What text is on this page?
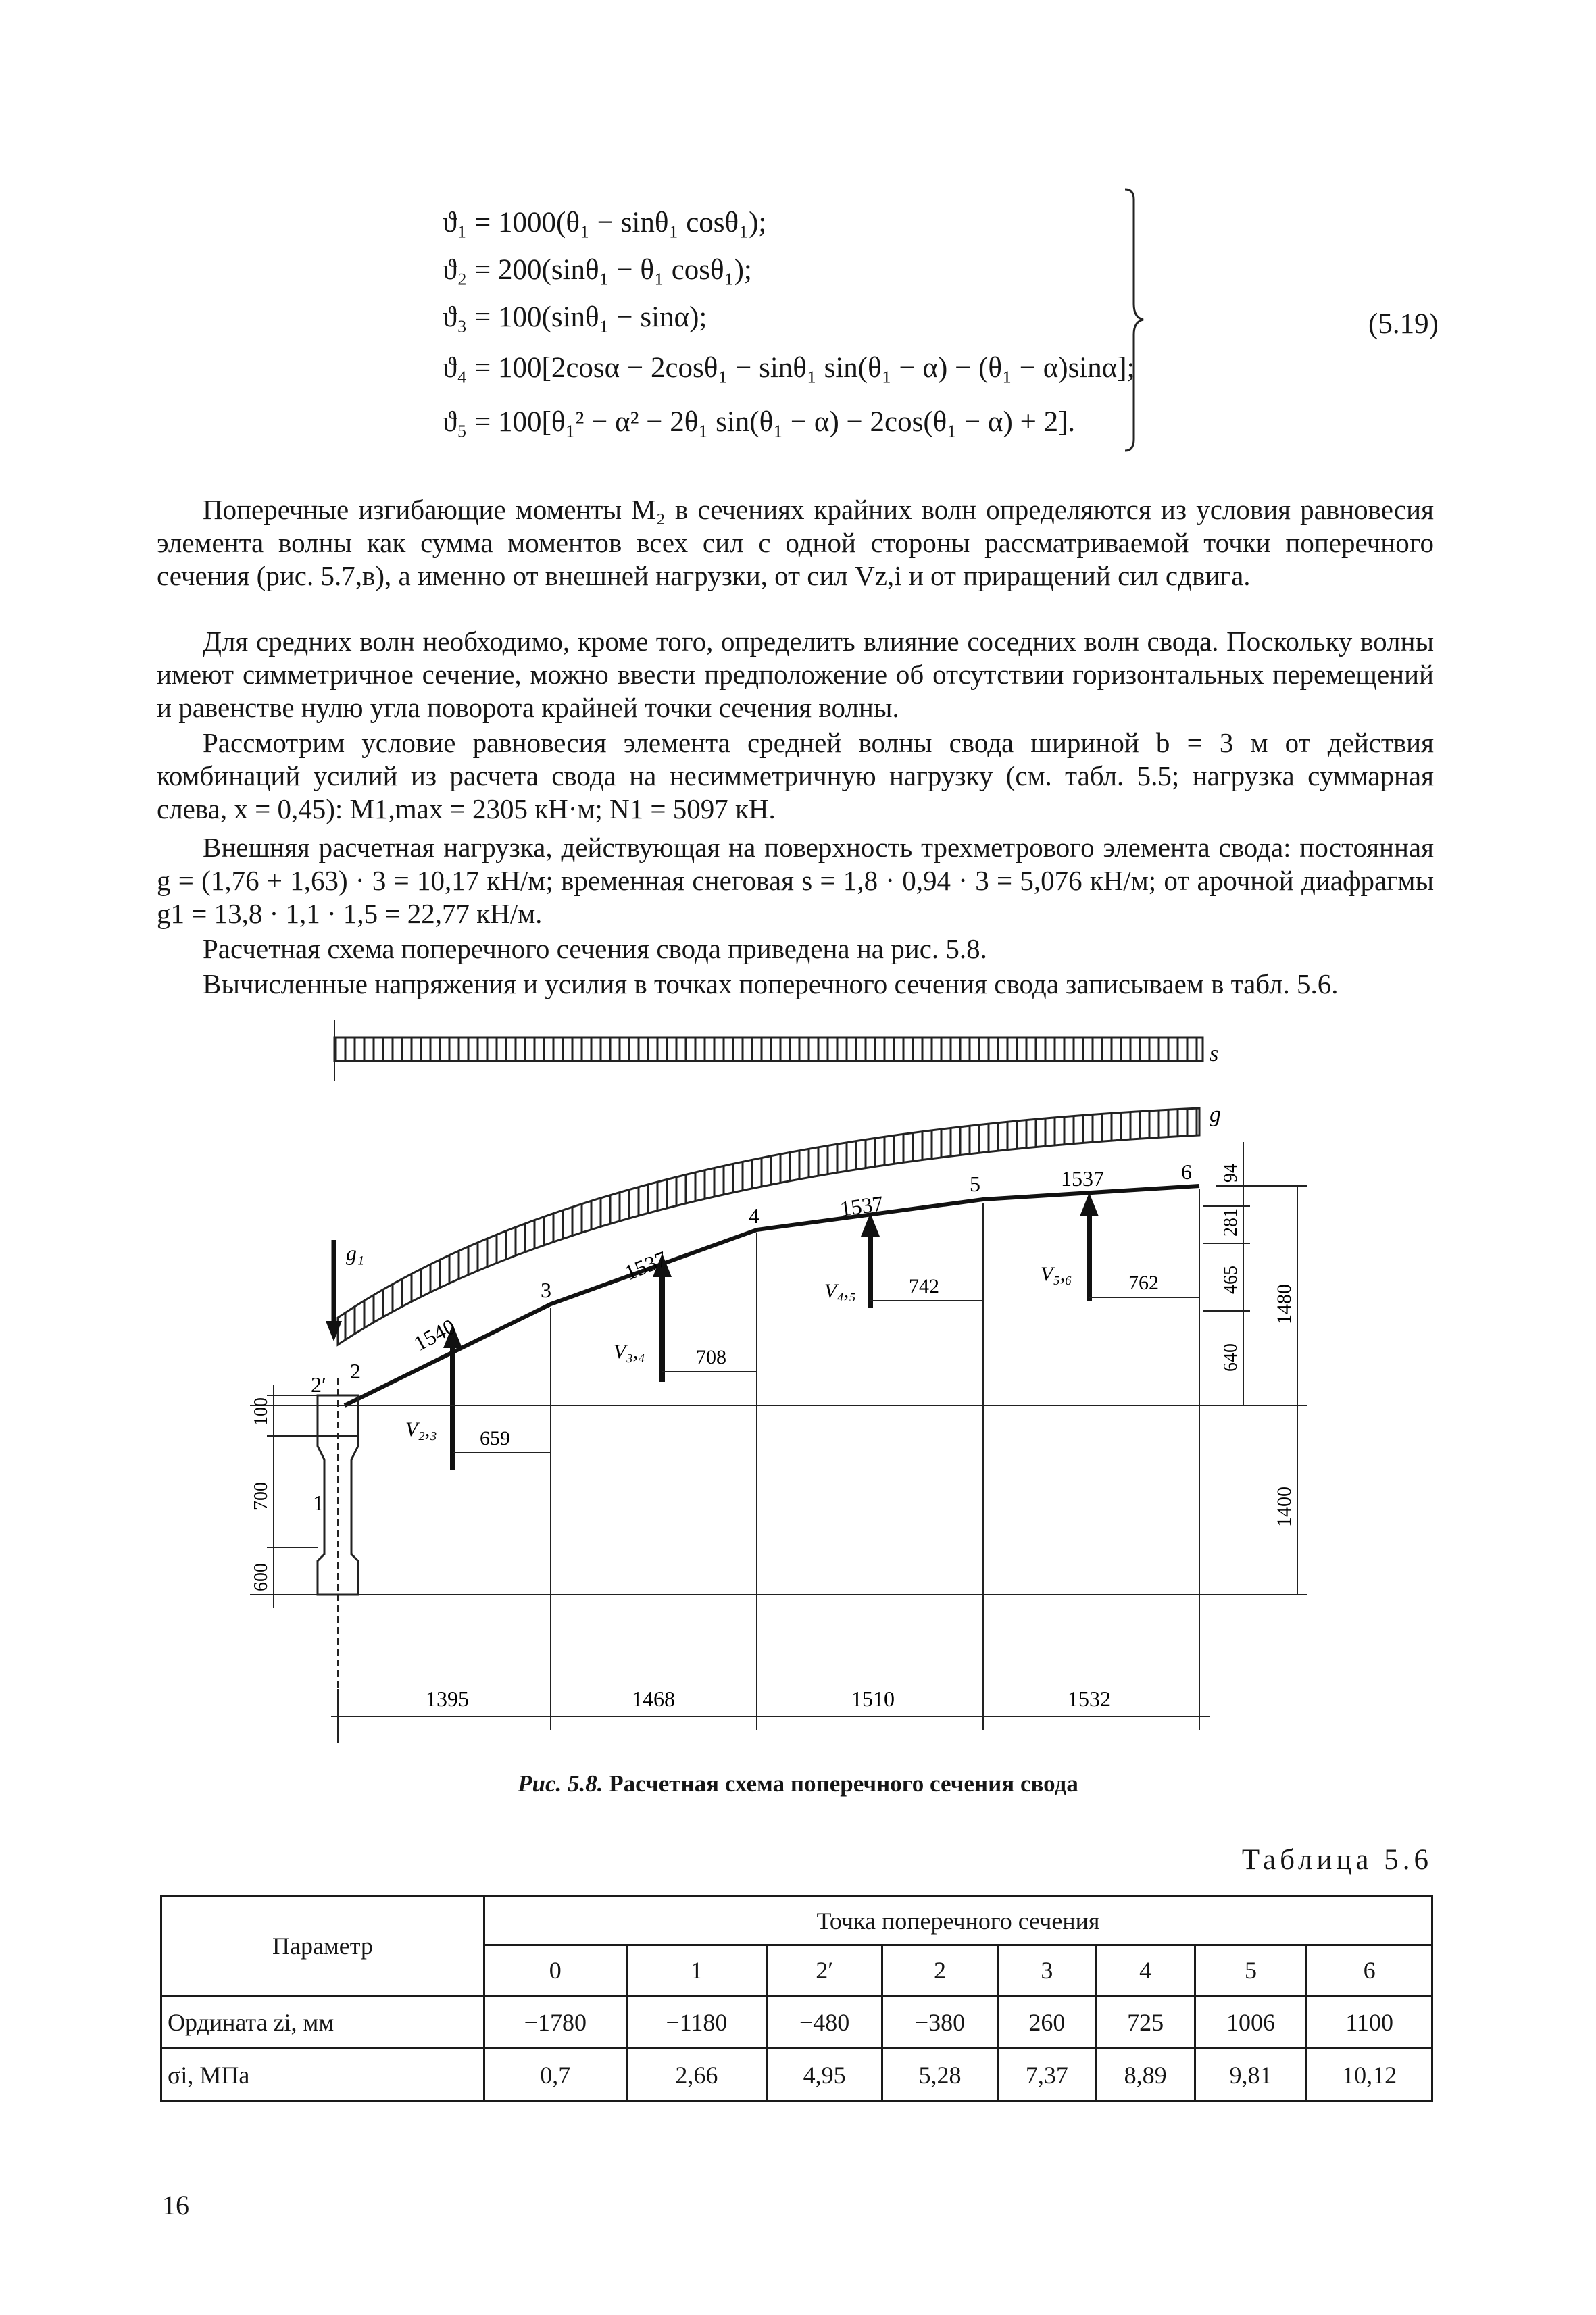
ϑ₁ = 1000(θ₁ − sinθ₁ cosθ₁);
ϑ₂ = 200(sinθ₁ − θ₁ cosθ₁);
ϑ₃ = 100(sinθ₁ − sinα);
ϑ₄ = 100[2cosα − 2cosθ₁ − sinθ₁ sin(θ₁ − α) − (θ₁ − α)sinα];
ϑ₅ = 100[θ₁² − α² − 2θ₁ sin(θ₁ − α) − 2cos(θ₁ − α) + 2].
(5.19)

Поперечные изгибающие моменты M₂ в сечениях крайних волн определяются из условия равновесия элемента волны как сумма моментов всех сил с одной стороны рассматриваемой точки поперечного сечения (рис. 5.7,в), а именно от внешней нагрузки, от сил Vz,i и от приращений сил сдвига.

Для средних волн необходимо, кроме того, определить влияние соседних волн свода. Поскольку волны имеют симметричное сечение, можно ввести предположение об отсутствии горизонтальных перемещений и равенстве нулю угла поворота крайней точки сечения волны.

Рассмотрим условие равновесия элемента средней волны свода шириной b = 3 м от действия комбинаций усилий из расчета свода на несимметричную нагрузку (см. табл. 5.5; нагрузка суммарная слева, x = 0,45): M1,max = 2305 кН·м; N1 = 5097 кН.

Внешняя расчетная нагрузка, действующая на поверхность трехметрового элемента свода: постоянная g = (1,76 + 1,63) · 3 = 10,17 кН/м; временная снеговая s = 1,8 · 0,94 · 3 = 5,076 кН/м; от арочной диафрагмы g1 = 13,8 · 1,1 · 1,5 = 22,77 кН/м.

Расчетная схема поперечного сечения свода приведена на рис. 5.8.

Вычисленные напряжения и усилия в точках поперечного сечения свода записываем в табл. 5.6.

s
g
g₁
2′
2
3
4
5	6
1
1540
V₂,₃ 659
1537
V₃,₄	708
1537
V₄,₅	742
1537
V₅,₆	762
1395	1468	1510	1532
94
281
465
640
1480
1400
100
700
600
Рис. 5.8. Расчетная схема поперечного сечения свода
Таблица 5.6
Параметр	Точка поперечного сечения							
	0	1	2′	2	3	4	5	6
Ордината zi, мм	−1780	−1180	−480	−380	260	725	1006	1100
σi, МПа	0,7	2,66	4,95	5,28	7,37	8,89	9,81	10,12
16
